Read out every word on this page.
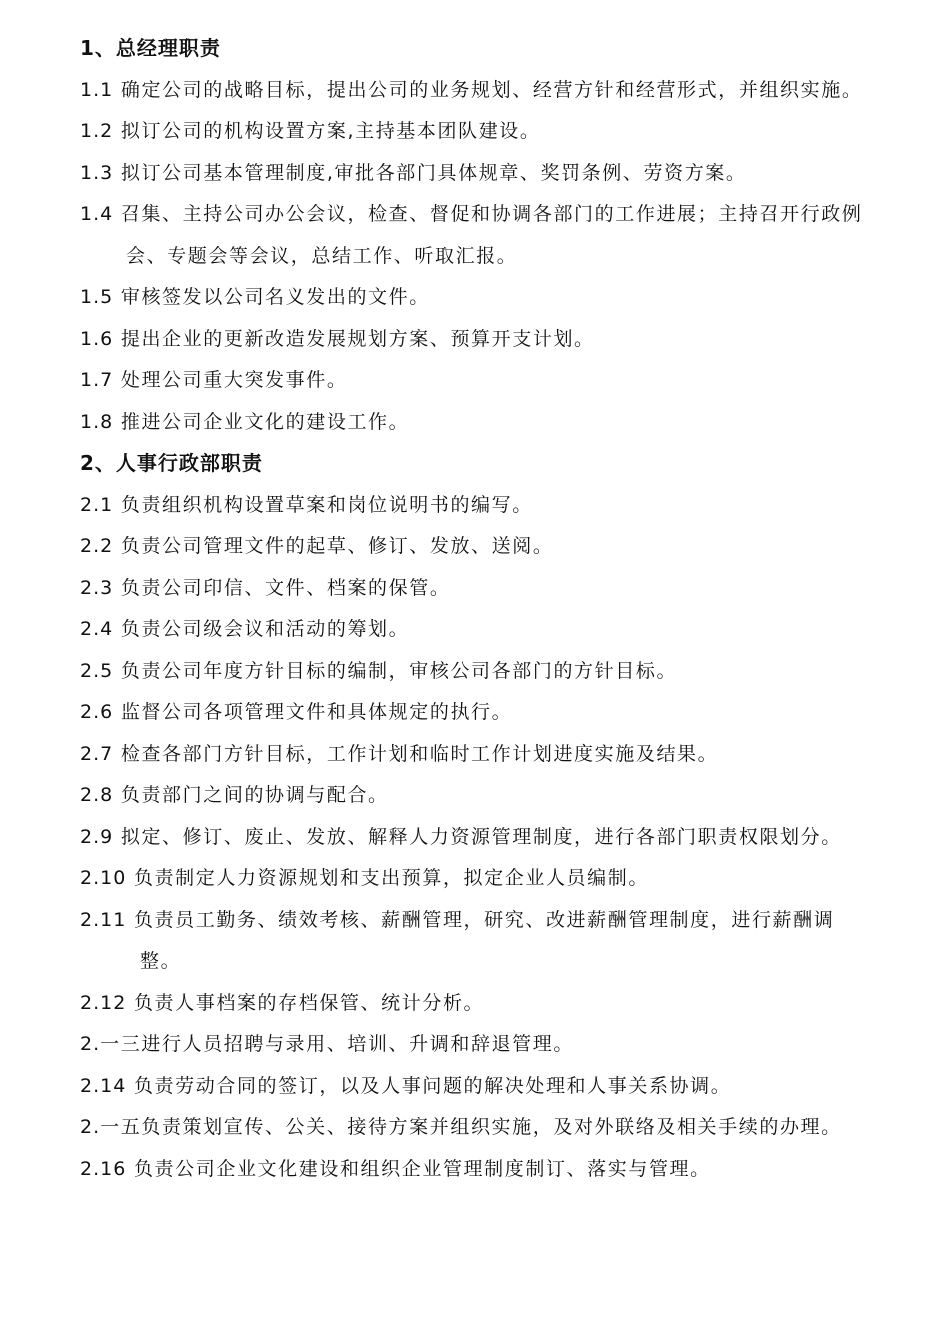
1、总经理职责
1.1 确定公司的战略目标，提出公司的业务规划、经营方针和经营形式，并组织实施。
1.2 拟订公司的机构设置方案,主持基本团队建设。
1.3 拟订公司基本管理制度,审批各部门具体规章、奖罚条例、劳资方案。
1.4 召集、主持公司办公会议，检查、督促和协调各部门的工作进展；主持召开行政例会、专题会等会议，总结工作、听取汇报。
1.5 审核签发以公司名义发出的文件。
1.6 提出企业的更新改造发展规划方案、预算开支计划。
1.7 处理公司重大突发事件。
1.8 推进公司企业文化的建设工作。
2、人事行政部职责
2.1 负责组织机构设置草案和岗位说明书的编写。
2.2 负责公司管理文件的起草、修订、发放、送阅。
2.3 负责公司印信、文件、档案的保管。
2.4 负责公司级会议和活动的筹划。
2.5 负责公司年度方针目标的编制，审核公司各部门的方针目标。
2.6 监督公司各项管理文件和具体规定的执行。
2.7 检查各部门方针目标，工作计划和临时工作计划进度实施及结果。
2.8 负责部门之间的协调与配合。
2.9 拟定、修订、废止、发放、解释人力资源管理制度，进行各部门职责权限划分。
2.10 负责制定人力资源规划和支出预算，拟定企业人员编制。
2.11 负责员工勤务、绩效考核、薪酬管理，研究、改进薪酬管理制度，进行薪酬调整。
2.12 负责人事档案的存档保管、统计分析。
2.一三进行人员招聘与录用、培训、升调和辞退管理。
2.14 负责劳动合同的签订，以及人事问题的解决处理和人事关系协调。
2.一五负责策划宣传、公关、接待方案并组织实施，及对外联络及相关手续的办理。
2.16 负责公司企业文化建设和组织企业管理制度制订、落实与管理。
